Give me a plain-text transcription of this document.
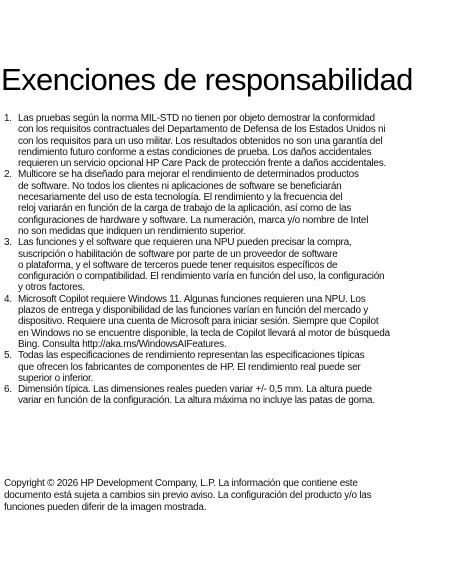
Exenciones de responsabilidad
1. Las pruebas según la norma MIL-STD no tienen por objeto demostrar la conformidad
con los requisitos contractuales del Departamento de Defensa de los Estados Unidos ni
con los requisitos para un uso militar. Los resultados obtenidos no son una garantía del
rendimiento futuro conforme a estas condiciones de prueba. Los daños accidentales
requieren un servicio opcional HP Care Pack de protección frente a daños accidentales.
2. Multicore se ha diseñado para mejorar el rendimiento de determinados productos
de software. No todos los clientes ni aplicaciones de software se beneficiarán
necesariamente del uso de esta tecnología. El rendimiento y la frecuencia del
reloj variarán en función de la carga de trabajo de la aplicación, así como de las
configuraciones de hardware y software. La numeración, marca y/o nombre de Intel
no son medidas que indiquen un rendimiento superior.
3. Las funciones y el software que requieren una NPU pueden precisar la compra,
suscripción o habilitación de software por parte de un proveedor de software
o plataforma, y el software de terceros puede tener requisitos específicos de
configuración o compatibilidad. El rendimiento varía en función del uso, la configuración
y otros factores.
4. Microsoft Copilot requiere Windows 11. Algunas funciones requieren una NPU. Los
plazos de entrega y disponibilidad de las funciones varían en función del mercado y
dispositivo. Requiere una cuenta de Microsoft para iniciar sesión. Siempre que Copilot
en Windows no se encuentre disponible, la tecla de Copilot llevará al motor de búsqueda
Bing. Consulta http://aka.ms/WindowsAIFeatures.
5. Todas las especificaciones de rendimiento representan las especificaciones típicas
que ofrecen los fabricantes de componentes de HP. El rendimiento real puede ser
superior o inferior.
6. Dimensión típica. Las dimensiones reales pueden variar +/- 0,5 mm. La altura puede
variar en función de la configuración. La altura máxima no incluye las patas de goma.

Copyright © 2026 HP Development Company, L.P. La información que contiene este
documento está sujeta a cambios sin previo aviso. La configuración del producto y/o las
funciones pueden diferir de la imagen mostrada.
